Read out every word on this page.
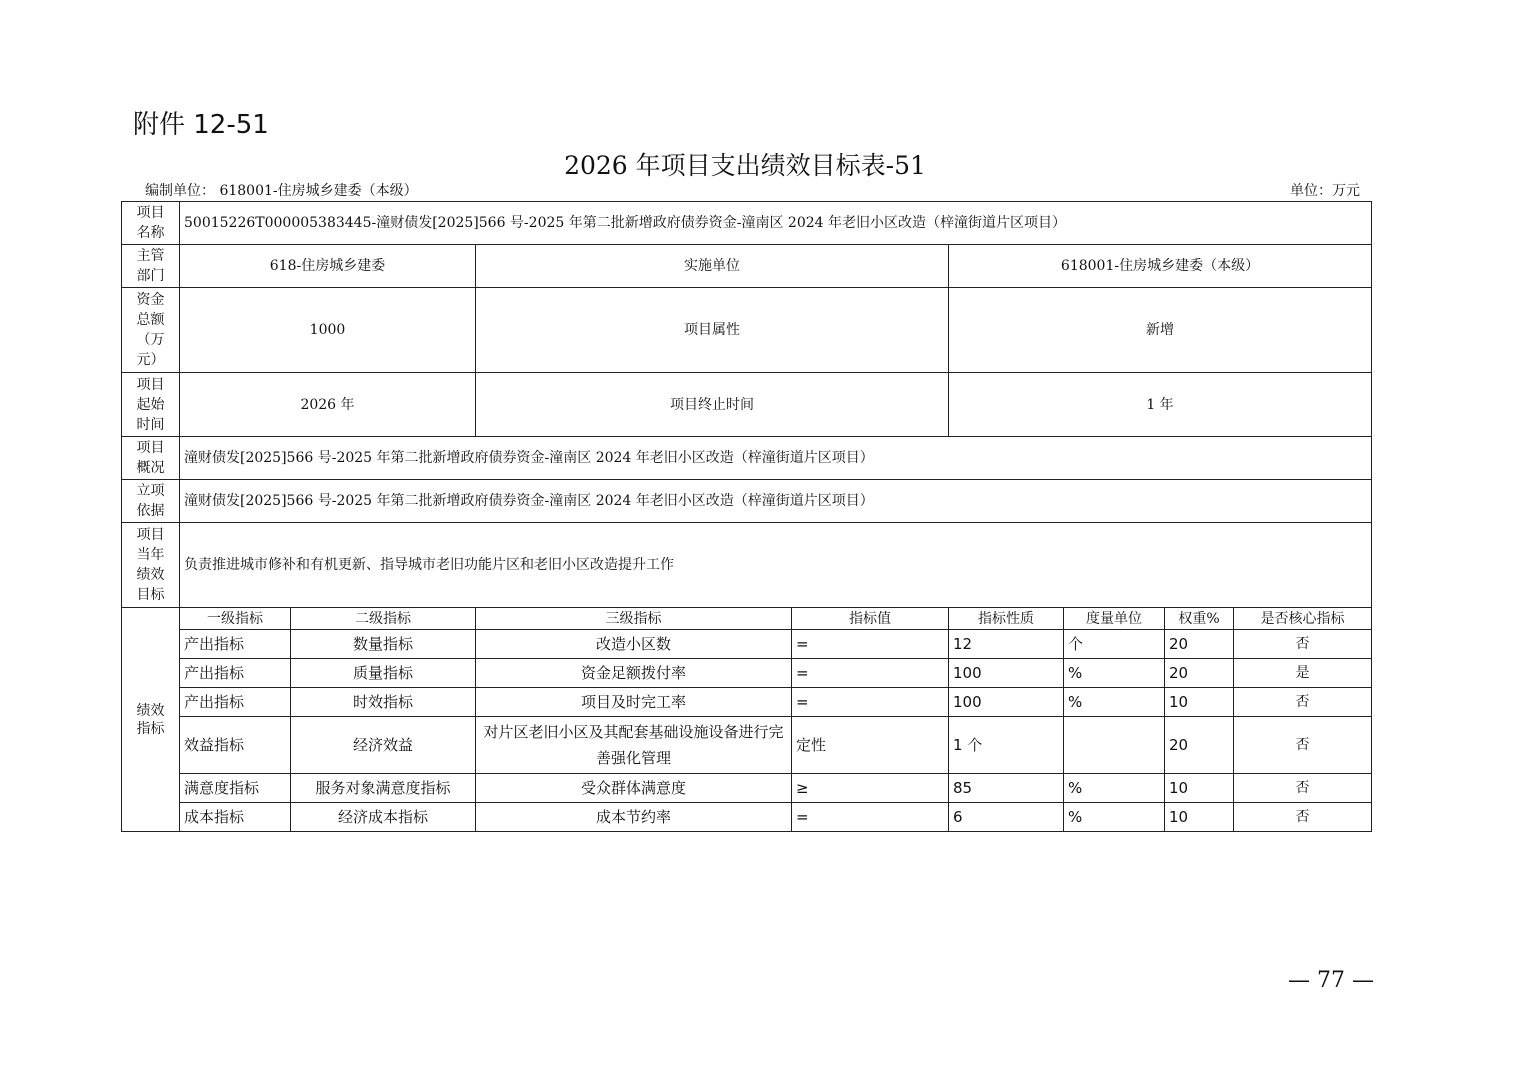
附件 12-51
2026 年项目支出绩效目标表-51
编制单位： 618001-住房城乡建委（本级）	单位：万元
项目名称	50015226T000005383445-潼财债发[2025]566 号-2025 年第二批新增政府债券资金-潼南区 2024 年老旧小区改造（梓潼街道片区项目）							

主管部门	618-住房城乡建委		实施单位		618001-住房城乡建委（本级）			

资金总额（万元）	1000		项目属性		新增			

项目起始时间	2026 年		项目终止时间		1 年			

项目概况	潼财债发[2025]566 号-2025 年第二批新增政府债券资金-潼南区 2024 年老旧小区改造（梓潼街道片区项目）							

立项依据	潼财债发[2025]566 号-2025 年第二批新增政府债券资金-潼南区 2024 年老旧小区改造（梓潼街道片区项目）							

项目当年绩效目标	负责推进城市修补和有机更新、指导城市老旧功能片区和老旧小区改造提升工作							

绩效指标	一级指标	二级指标	三级指标	指标值	指标性质	度量单位	权重%	是否核心指标
	产出指标	数量指标	改造小区数	=	12	个	20	否
	产出指标	质量指标	资金足额拨付率	=	100	%	20	是
	产出指标	时效指标	项目及时完工率	=	100	%	10	否
	效益指标	经济效益	对片区老旧小区及其配套基础设施设备进行完善强化管理	定性	1 个		20	否
	满意度指标	服务对象满意度指标	受众群体满意度	≥	85	%	10	否
	成本指标	经济成本指标	成本节约率	=	6	%	10	否
— 77 —
